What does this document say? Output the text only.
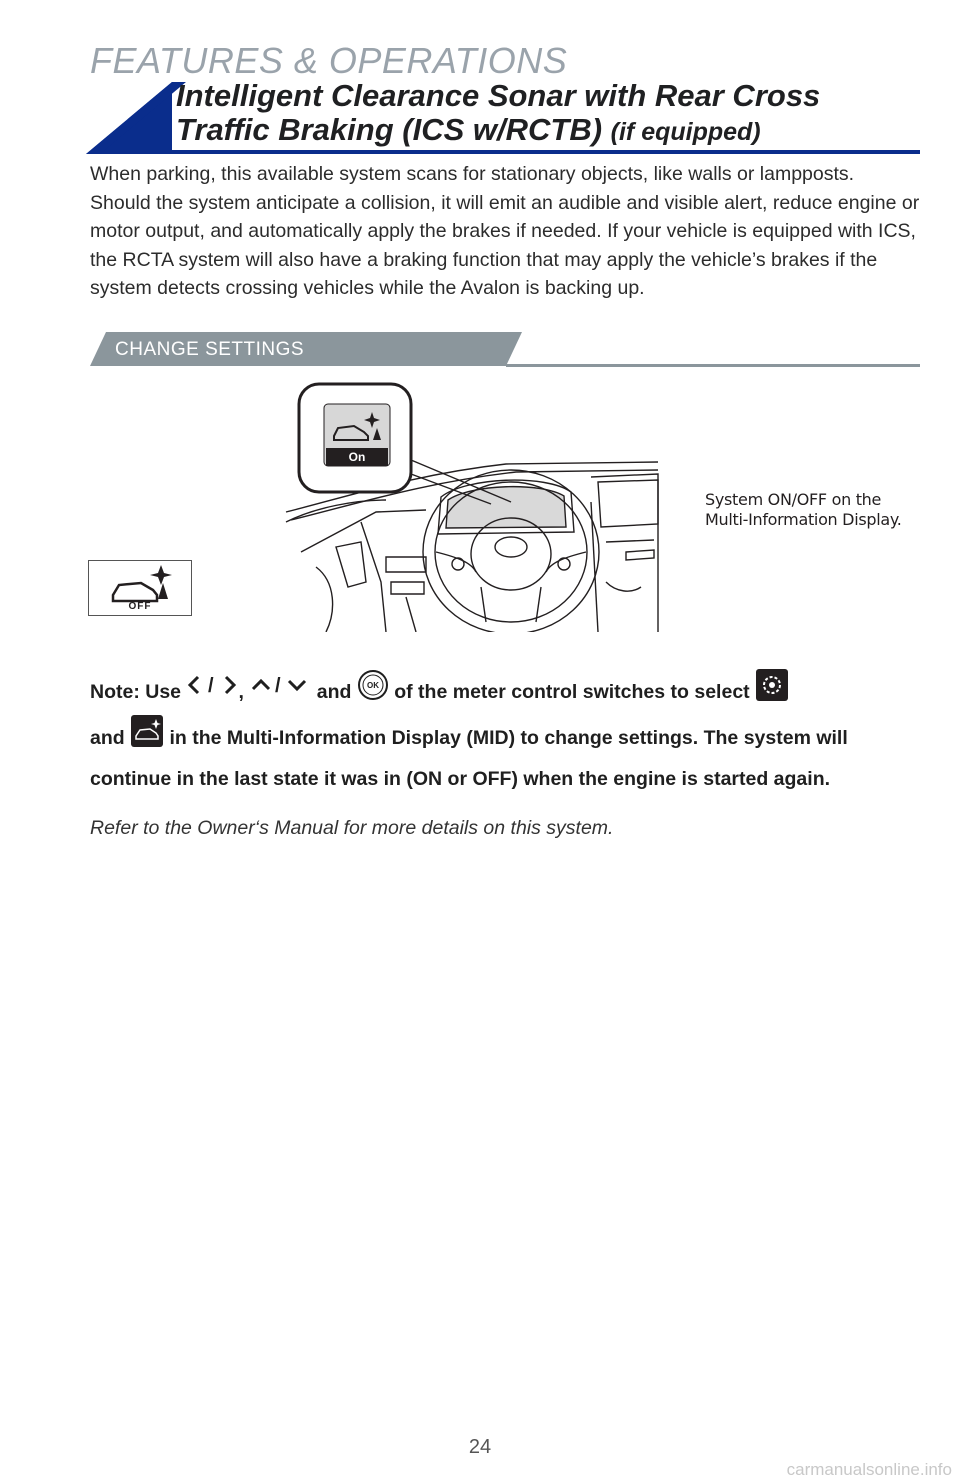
FEATURES & OPERATIONS
Intelligent Clearance Sonar with Rear Cross
Traffic Braking (ICS w/RCTB) (if equipped)
When parking, this available system scans for stationary objects, like walls or lampposts. Should the system anticipate a collision, it will emit an audible and visible alert, reduce engine or motor output, and automatically apply the brakes if needed. If your vehicle is equipped with ICS, the RCTA system will also have a braking function that may apply the vehicle’s brakes if the system detects crossing vehicles while the Avalon is backing up.
CHANGE SETTINGS
On
OFF
System ON/OFF on the Multi-Information Display.
Note: Use / , / and OK of the meter control switches to select
and in the Multi-Information Display (MID) to change settings. The system will continue in the last state it was in (ON or OFF) when the engine is started again.
Refer to the Owner‘s Manual for more details on this system.
24
carmanualsonline.info
